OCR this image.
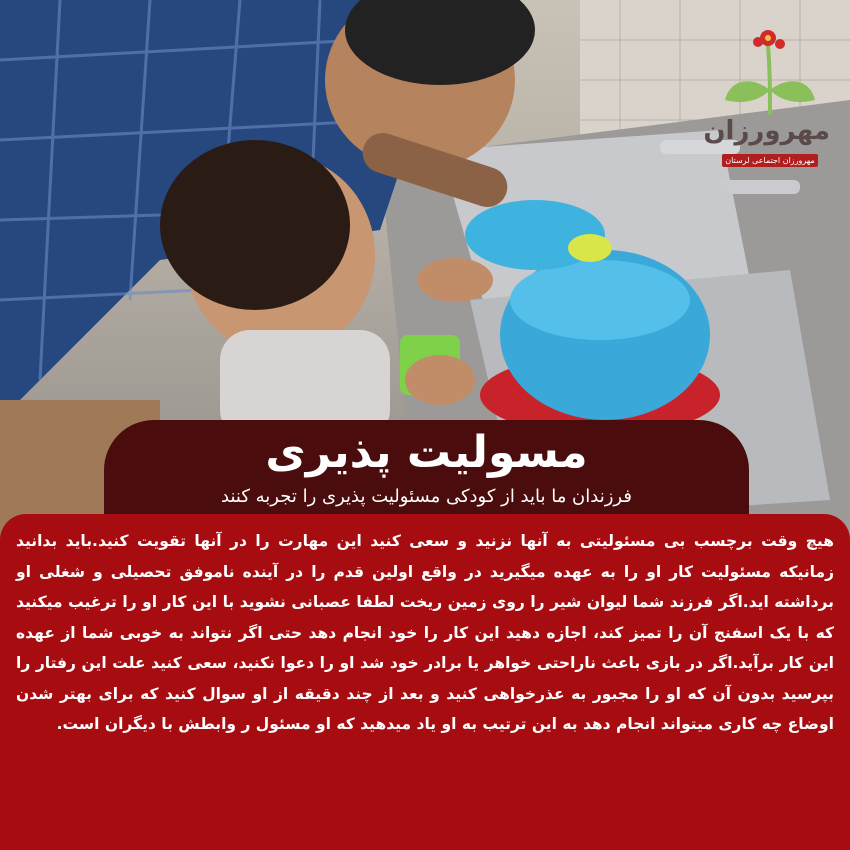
مهرورزان
مهرورزان اجتماعی لرستان
مسولیت پذیری
فرزندان ما باید از کودکی مسئولیت پذیری را تجربه کنند
هیچ وقت برچسب بی مسئولیتی به آنها نزنید و سعی کنید این مهارت را در آنها تقویت کنید.باید بدانید زمانیکه مسئولیت کار او را به عهده میگیرید در واقع اولین قدم را در آینده ناموفق تحصیلی و شغلی او برداشته اید.اگر فرزند شما لیوان شیر را روی زمین ریخت لطفا عصبانی نشوید با این کار او را ترغیب میکنید که با یک اسفنج آن را تمیز کند، اجازه دهید این کار را خود انجام دهد حتی اگر نتواند به خوبی شما از عهده این کار برآید.اگر در بازی باعث ناراحتی خواهر یا برادر خود شد او را دعوا نکنید، سعی کنید علت این رفتار را بپرسید بدون آن که او را مجبور به عذرخواهی کنید و بعد از چند دقیقه از او سوال کنید که برای بهتر شدن اوضاع چه کاری میتواند انجام دهد به این ترتیب به او یاد میدهید که او مسئول ر وابطش با دیگران است.
